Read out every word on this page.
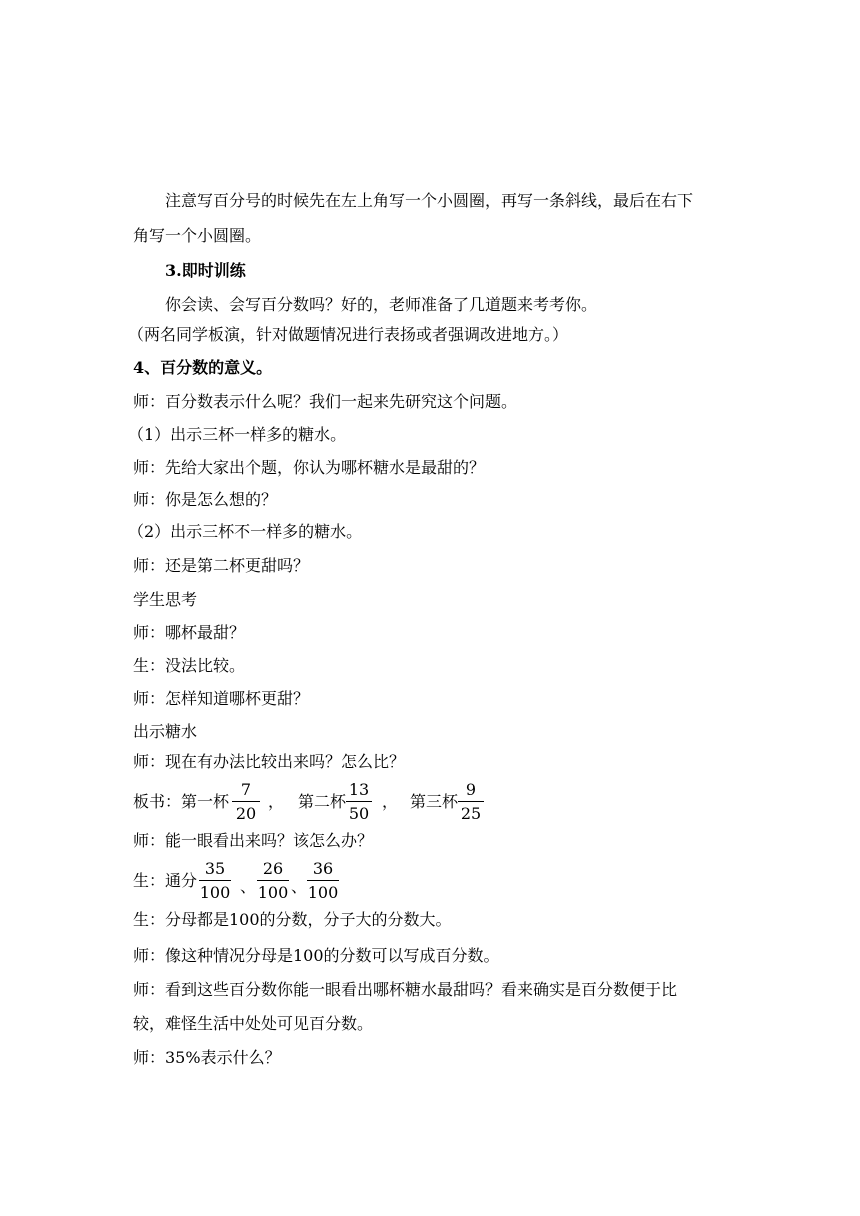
注意写百分号的时候先在左上角写一个小圆圈，再写一条斜线，最后在右下
角写一个小圆圈。
3.即时训练
你会读、会写百分数吗？好的，老师准备了几道题来考考你。
（两名同学板演，针对做题情况进行表扬或者强调改进地方。）
4、百分数的意义。
师：百分数表示什么呢？我们一起来先研究这个问题。
（1）出示三杯一样多的糖水。
师：先给大家出个题，你认为哪杯糖水是最甜的？
师：你是怎么想的？
（2）出示三杯不一样多的糖水。
师：还是第二杯更甜吗？
学生思考
师：哪杯最甜？
生：没法比较。
师：怎样知道哪杯更甜？
出示糖水
师：现在有办法比较出来吗？怎么比？
板书：第一杯 $\frac{7}{20}$ ， 第二杯 $\frac{13}{50}$ ， 第三杯 $\frac{9}{25}$
师：能一眼看出来吗？该怎么办？
生：通分 $\frac{35}{100}$ 、 $\frac{26}{100}$ 、 $\frac{36}{100}$
生：分母都是100的分数，分子大的分数大。
师：像这种情况分母是100的分数可以写成百分数。
师：看到这些百分数你能一眼看出哪杯糖水最甜吗？看来确实是百分数便于比
较，难怪生活中处处可见百分数。
师：35%表示什么？
